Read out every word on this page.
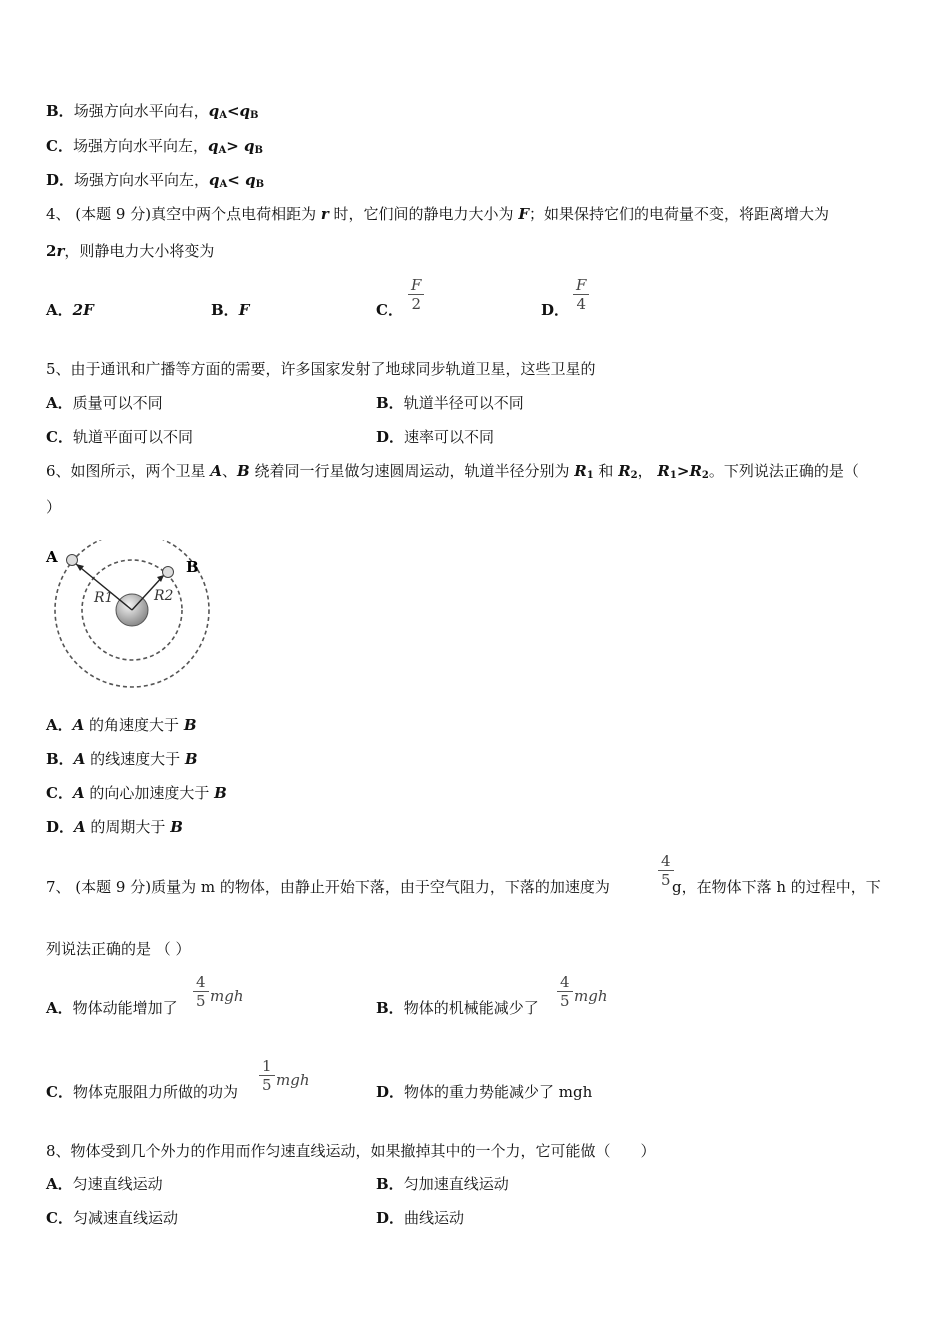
B．场强方向水平向右，$q_A<q_B$
C．场强方向水平向左，$q_A> q_B$
D．场强方向水平向左，$q_A< q_B$
4、 (本题 9 分)真空中两个点电荷相距为 r 时，它们间的静电力大小为 F；如果保持它们的电荷量不变，将距离增大为
2r，则静电力大小将变为
A．2F	B．F	C．
F
2	D．
F
4
5、由于通讯和广播等方面的需要，许多国家发射了地球同步轨道卫星，这些卫星的
A．质量可以不同	B．轨道半径可以不同
C．轨道平面可以不同	D．速率可以不同
6、如图所示，两个卫星 A、B 绕着同一行星做匀速圆周运动，轨道半径分别为 $R_1$ 和 $R_2$， $R_1>R_2$。下列说法正确的是（
）
A
B
R1	R2
A．A 的角速度大于 B
B．A 的线速度大于 B
C．A 的向心加速度大于 B
D．A 的周期大于 B
7、 (本题 9 分)质量为 m 的物体，由静止开始下落，由于空气阻力，下落的加速度为
4
5 g，在物体下落 h 的过程中，下
列说法正确的是 （ ）
A．物体动能增加了
4
5 mgh
B．物体的机械能减少了
4
5 mgh
C．物体克服阻力所做的功为
1
5 mgh
D．物体的重力势能减少了 mgh
8、物体受到几个外力的作用而作匀速直线运动，如果撤掉其中的一个力，它可能做（　　）
A．匀速直线运动	B．匀加速直线运动
C．匀减速直线运动	D．曲线运动
